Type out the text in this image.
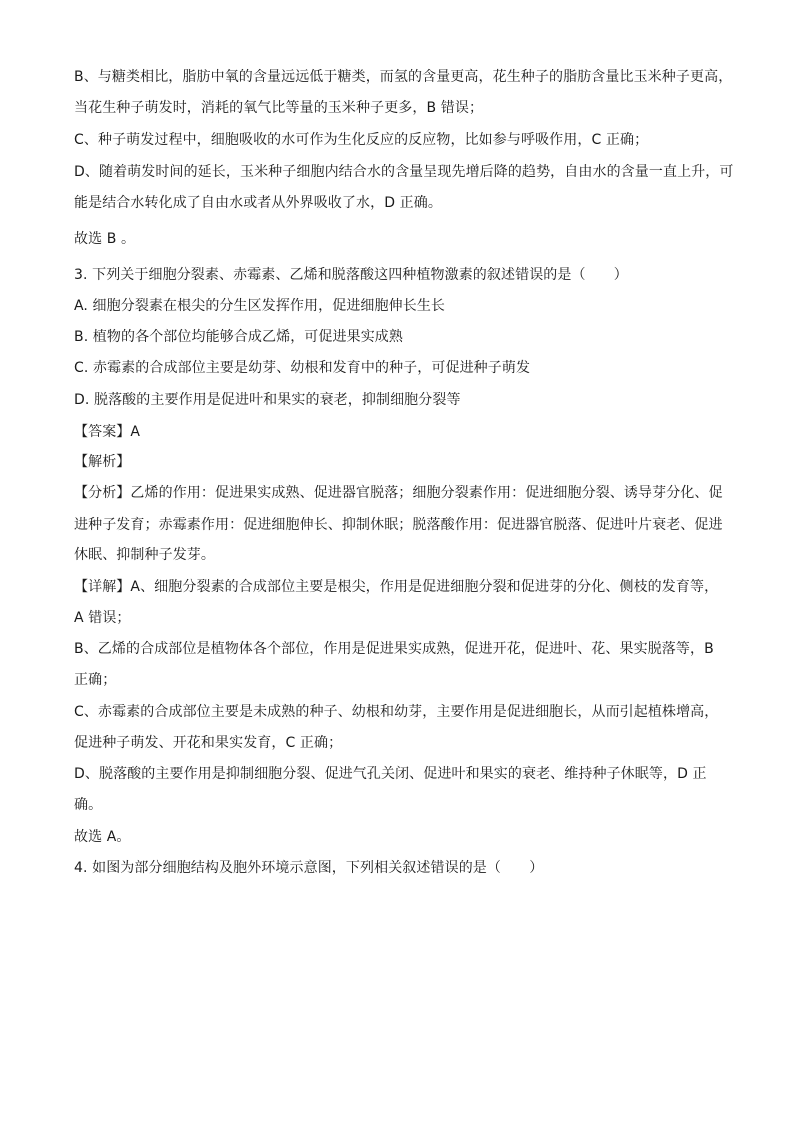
B、与糖类相比，脂肪中氧的含量远远低于糖类，而氢的含量更高，花生种子的脂肪含量比玉米种子更高，
当花生种子萌发时，消耗的氧气比等量的玉米种子更多，B 错误；
C、种子萌发过程中，细胞吸收的水可作为生化反应的反应物，比如参与呼吸作用，C 正确；
D、随着萌发时间的延长，玉米种子细胞内结合水的含量呈现先增后降的趋势，自由水的含量一直上升，可
能是结合水转化成了自由水或者从外界吸收了水，D 正确。
故选 B 。
3. 下列关于细胞分裂素、赤霉素、乙烯和脱落酸这四种植物激素的叙述错误的是（　　）
A. 细胞分裂素在根尖的分生区发挥作用，促进细胞伸长生长
B. 植物的各个部位均能够合成乙烯，可促进果实成熟
C. 赤霉素的合成部位主要是幼芽、幼根和发育中的种子，可促进种子萌发
D. 脱落酸的主要作用是促进叶和果实的衰老，抑制细胞分裂等
【答案】A
【解析】
【分析】乙烯的作用：促进果实成熟、促进器官脱落；细胞分裂素作用：促进细胞分裂、诱导芽分化、促
进种子发育；赤霉素作用：促进细胞伸长、抑制休眠；脱落酸作用：促进器官脱落、促进叶片衰老、促进
休眠、抑制种子发芽。
【详解】A、细胞分裂素的合成部位主要是根尖，作用是促进细胞分裂和促进芽的分化、侧枝的发育等，
A 错误；
B、乙烯的合成部位是植物体各个部位，作用是促进果实成熟，促进开花，促进叶、花、果实脱落等，B
正确；
C、赤霉素的合成部位主要是未成熟的种子、幼根和幼芽，主要作用是促进细胞长，从而引起植株增高，
促进种子萌发、开花和果实发育，C 正确；
D、脱落酸的主要作用是抑制细胞分裂、促进气孔关闭、促进叶和果实的衰老、维持种子休眠等，D 正
确。
故选 A。
4. 如图为部分细胞结构及胞外环境示意图，下列相关叙述错误的是（　　）
